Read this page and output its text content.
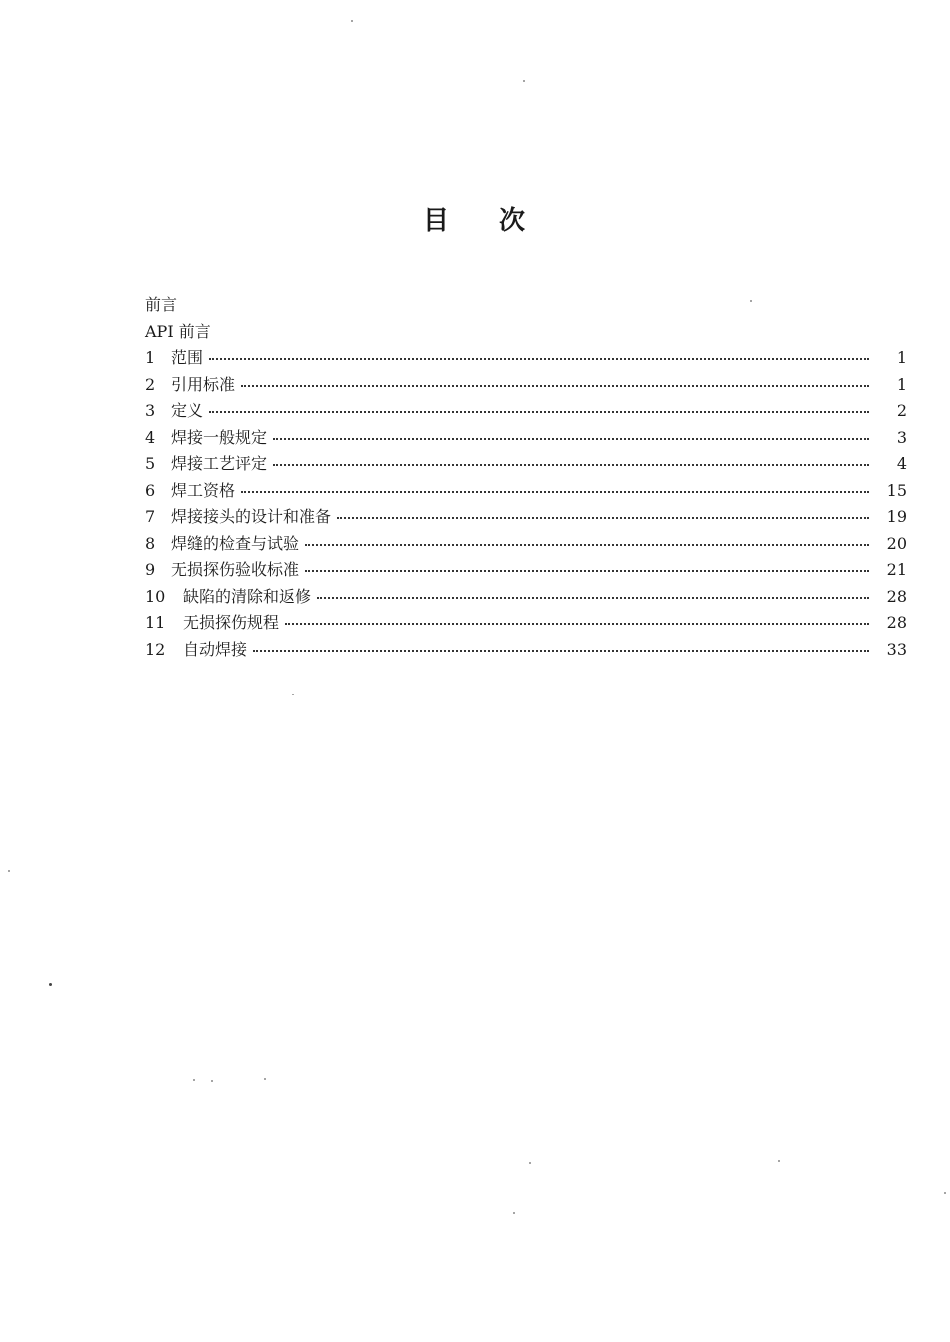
目 次
前言
API 前言
1 范围	1
2 引用标准	1
3 定义	2
4 焊接一般规定	3
5 焊接工艺评定	4
6 焊工资格	15
7 焊接接头的设计和准备	19
8 焊缝的检查与试验	20
9 无损探伤验收标准	21
10	缺陷的清除和返修	28
11	无损探伤规程	28
12	自动焊接	33
